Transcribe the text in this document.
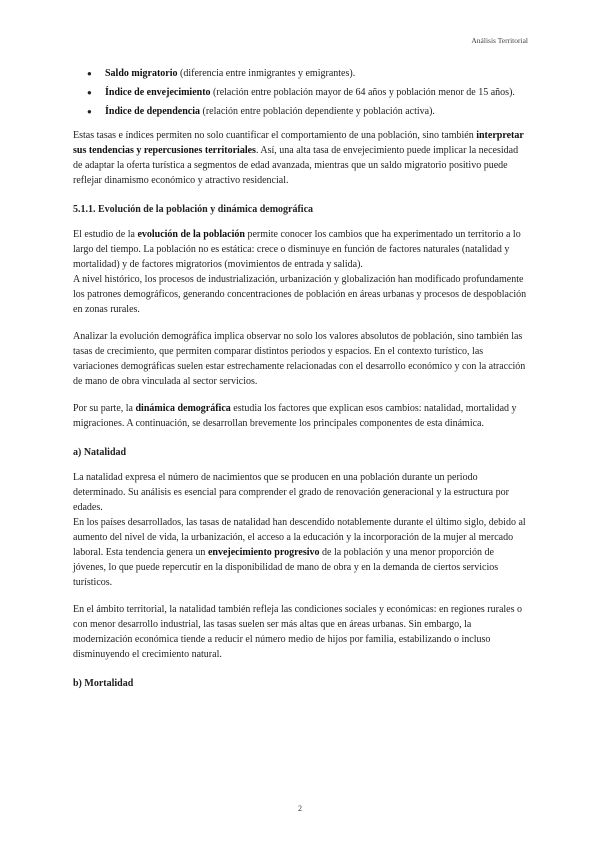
Análisis Territorial
● Saldo migratorio (diferencia entre inmigrantes y emigrantes).
● Índice de envejecimiento (relación entre población mayor de 64 años y población menor de 15 años).
● Índice de dependencia (relación entre población dependiente y población activa).

Estas tasas e índices permiten no solo cuantificar el comportamiento de una población, sino también interpretar sus tendencias y repercusiones territoriales. Así, una alta tasa de envejecimiento puede implicar la necesidad de adaptar la oferta turística a segmentos de edad avanzada, mientras que un saldo migratorio positivo puede reflejar dinamismo económico y atractivo residencial.

5.1.1. Evolución de la población y dinámica demográfica

El estudio de la evolución de la población permite conocer los cambios que ha experimentado un territorio a lo largo del tiempo. La población no es estática: crece o disminuye en función de factores naturales (natalidad y mortalidad) y de factores migratorios (movimientos de entrada y salida).
A nivel histórico, los procesos de industrialización, urbanización y globalización han modificado profundamente los patrones demográficos, generando concentraciones de población en áreas urbanas y procesos de despoblación en zonas rurales.

Analizar la evolución demográfica implica observar no solo los valores absolutos de población, sino también las tasas de crecimiento, que permiten comparar distintos periodos y espacios. En el contexto turístico, las variaciones demográficas suelen estar estrechamente relacionadas con el desarrollo económico y con la atracción de mano de obra vinculada al sector servicios.

Por su parte, la dinámica demográfica estudia los factores que explican esos cambios: natalidad, mortalidad y migraciones. A continuación, se desarrollan brevemente los principales componentes de esta dinámica.

a) Natalidad

La natalidad expresa el número de nacimientos que se producen en una población durante un periodo determinado. Su análisis es esencial para comprender el grado de renovación generacional y la estructura por edades.
En los países desarrollados, las tasas de natalidad han descendido notablemente durante el último siglo, debido al aumento del nivel de vida, la urbanización, el acceso a la educación y la incorporación de la mujer al mercado laboral. Esta tendencia genera un envejecimiento progresivo de la población y una menor proporción de jóvenes, lo que puede repercutir en la disponibilidad de mano de obra y en la demanda de ciertos servicios turísticos.

En el ámbito territorial, la natalidad también refleja las condiciones sociales y económicas: en regiones rurales o con menor desarrollo industrial, las tasas suelen ser más altas que en áreas urbanas. Sin embargo, la modernización económica tiende a reducir el número medio de hijos por familia, estabilizando o incluso disminuyendo el crecimiento natural.

b) Mortalidad

2
